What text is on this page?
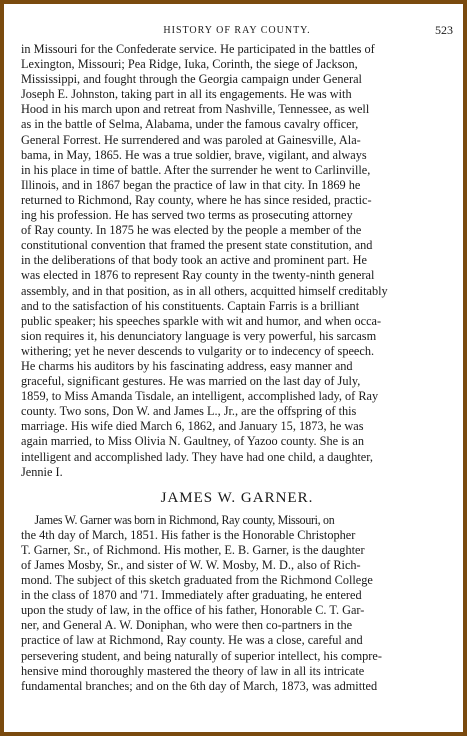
HISTORY OF RAY COUNTY.	523
in Missouri for the Confederate service. He participated in the battles of
Lexington, Missouri; Pea Ridge, Iuka, Corinth, the siege of Jackson,
Mississippi, and fought through the Georgia campaign under General
Joseph E. Johnston, taking part in all its engagements. He was with
Hood in his march upon and retreat from Nashville, Tennessee, as well
as in the battle of Selma, Alabama, under the famous cavalry officer,
General Forrest. He surrendered and was paroled at Gainesville, Ala-
bama, in May, 1865. He was a true soldier, brave, vigilant, and always
in his place in time of battle. After the surrender he went to Carlinville,
Illinois, and in 1867 began the practice of law in that city. In 1869 he
returned to Richmond, Ray county, where he has since resided, practic-
ing his profession. He has served two terms as prosecuting attorney
of Ray county. In 1875 he was elected by the people a member of the
constitutional convention that framed the present state constitution, and
in the deliberations of that body took an active and prominent part. He
was elected in 1876 to represent Ray county in the twenty-ninth general
assembly, and in that position, as in all others, acquitted himself creditably
and to the satisfaction of his constituents. Captain Farris is a brilliant
public speaker; his speeches sparkle with wit and humor, and when occa-
sion requires it, his denunciatory language is very powerful, his sarcasm
withering; yet he never descends to vulgarity or to indecency of speech.
He charms his auditors by his fascinating address, easy manner and
graceful, significant gestures. He was married on the last day of July,
1859, to Miss Amanda Tisdale, an intelligent, accomplished lady, of Ray
county. Two sons, Don W. and James L., Jr., are the offspring of this
marriage. His wife died March 6, 1862, and January 15, 1873, he was
again married, to Miss Olivia N. Gaultney, of Yazoo county. She is an
intelligent and accomplished lady. They have had one child, a daughter,
Jennie I.
JAMES W. GARNER.
James W. Garner was born in Richmond, Ray county, Missouri, on
the 4th day of March, 1851. His father is the Honorable Christopher
T. Garner, Sr., of Richmond. His mother, E. B. Garner, is the daughter
of James Mosby, Sr., and sister of W. W. Mosby, M. D., also of Rich-
mond. The subject of this sketch graduated from the Richmond College
in the class of 1870 and '71. Immediately after graduating, he entered
upon the study of law, in the office of his father, Honorable C. T. Gar-
ner, and General A. W. Doniphan, who were then co-partners in the
practice of law at Richmond, Ray county. He was a close, careful and
persevering student, and being naturally of superior intellect, his compre-
hensive mind thoroughly mastered the theory of law in all its intricate
fundamental branches; and on the 6th day of March, 1873, was admitted
